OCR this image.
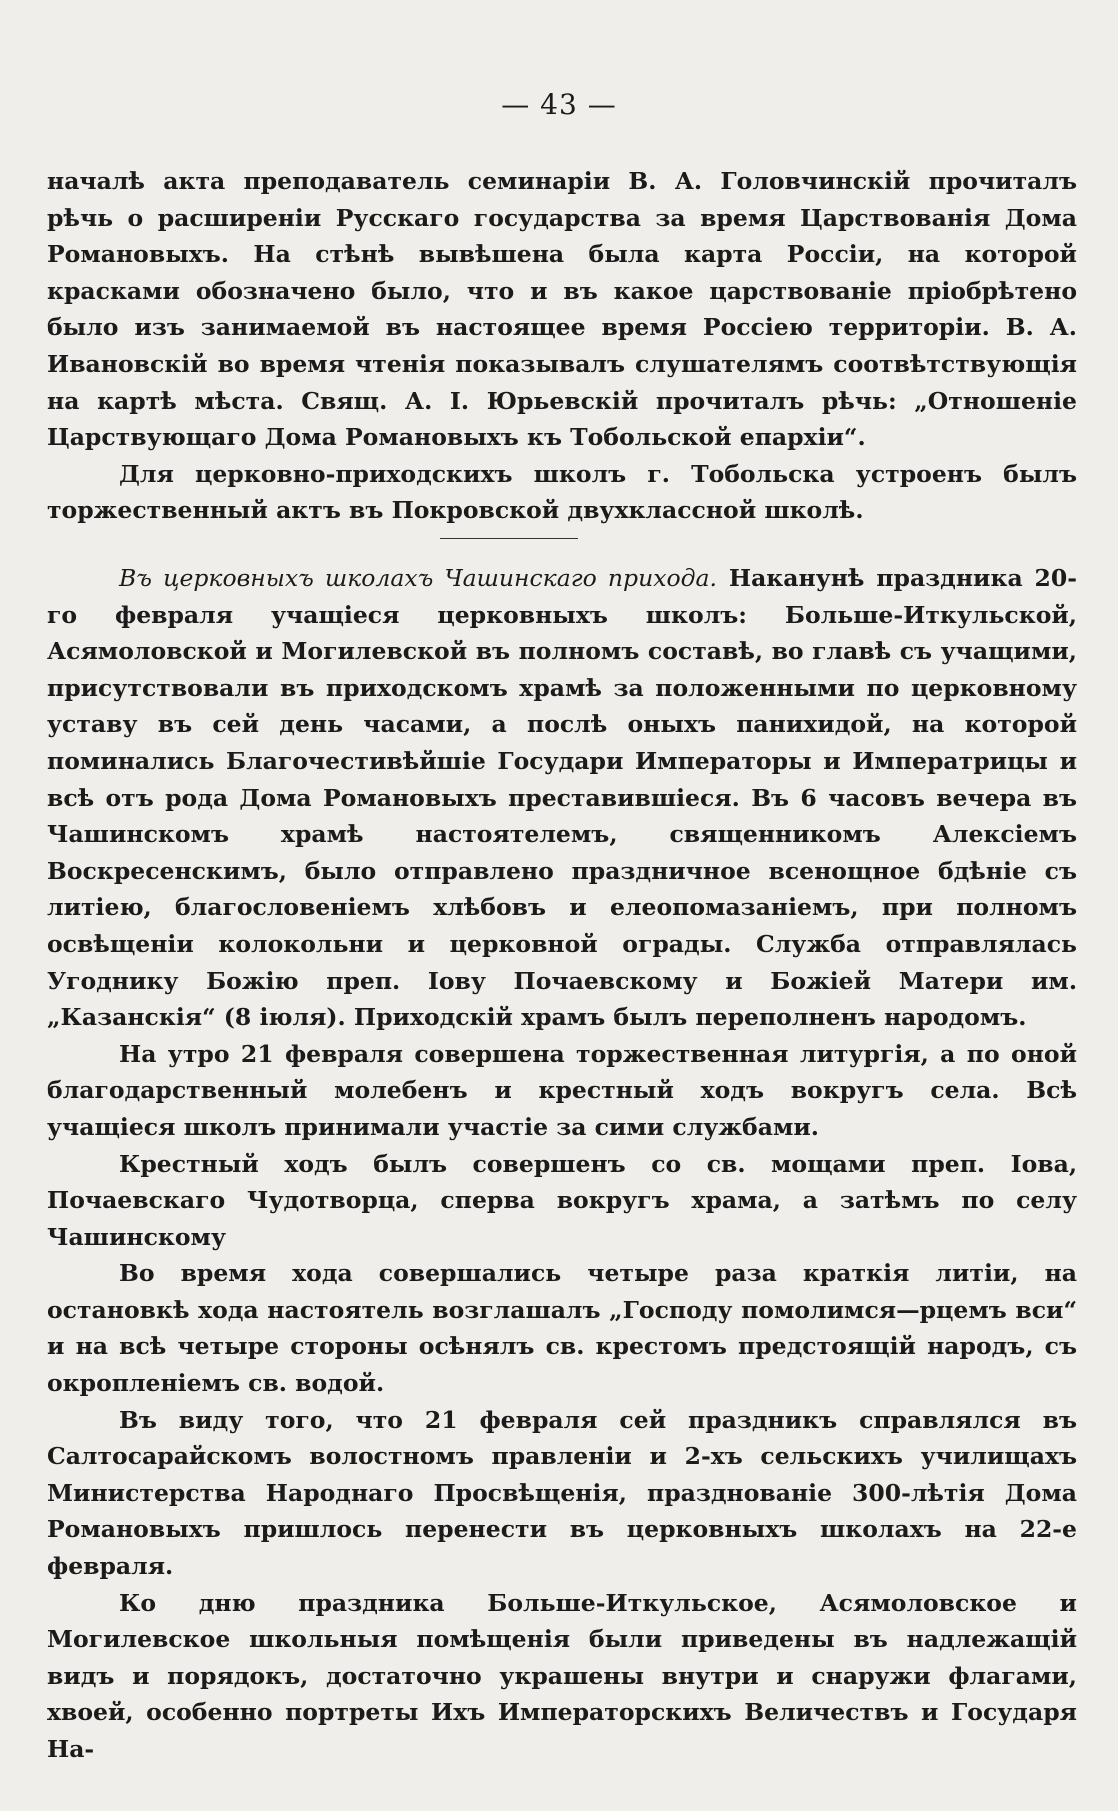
— 43 —

началѣ акта преподаватель семинаріи В. А. Головчинскій прочиталъ рѣчь о расширеніи Русскаго государства за время Царствованія Дома Романовыхъ. На стѣнѣ вывѣшена была карта Россіи, на которой красками обозначено было, что и въ какое царствованіе пріобрѣтено было изъ занимаемой въ настоящее время Россіею территоріи. В. А. Ивановскій во время чтенія показывалъ слушателямъ соотвѣтствующія на картѣ мѣста. Свящ. А. І. Юрьевскій прочиталъ рѣчь: „Отношеніе Царствующаго Дома Романовыхъ къ Тобольской епархіи“.

Для церковно-приходскихъ школъ г. Тобольска устроенъ былъ торжественный актъ въ Покровской двухклассной школѣ.

Въ церковныхъ школахъ Чашинскаго прихода. Наканунѣ праздника 20-го февраля учащіеся церковныхъ школъ: Больше-Иткульской, Асямоловской и Могилевской въ полномъ составѣ, во главѣ съ учащими, присутствовали въ приходскомъ храмѣ за положенными по церковному уставу въ сей день часами, а послѣ оныхъ панихидой, на которой поминались Благочестивѣйшіе Государи Императоры и Императрицы и всѣ отъ рода Дома Романовыхъ преставившіеся. Въ 6 часовъ вечера въ Чашинскомъ храмѣ настоятелемъ, священникомъ Алексіемъ Воскресенскимъ, было отправлено праздничное всенощное бдѣніе съ литіею, благословеніемъ хлѣбовъ и елеопомазаніемъ, при полномъ освѣщеніи колокольни и церковной ограды. Служба отправлялась Угоднику Божію преп. Іову Почаевскому и Божіей Матери им. „Казанскія“ (8 іюля). Приходскій храмъ былъ переполненъ народомъ.

На утро 21 февраля совершена торжественная литургія, а по оной благодарственный молебенъ и крестный ходъ вокругъ села. Всѣ учащіеся школъ принимали участіе за сими службами.

Крестный ходъ былъ совершенъ со св. мощами преп. Іова, Почаевскаго Чудотворца, сперва вокругъ храма, а затѣмъ по селу Чашинскому

Во время хода совершались четыре раза краткія литіи, на остановкѣ хода настоятель возглашалъ „Господу помолимся—рцемъ вси“ и на всѣ четыре стороны осѣнялъ св. крестомъ предстоящій народъ, съ окропленіемъ св. водой.

Въ виду того, что 21 февраля сей праздникъ справлялся въ Салтосарайскомъ волостномъ правленіи и 2-хъ сельскихъ училищахъ Министерства Народнаго Просвѣщенія, празднованіе 300-лѣтія Дома Романовыхъ пришлось перенести въ церковныхъ школахъ на 22-е февраля.

Ко дню праздника Больше-Иткульское, Асямоловское и Могилевское школьныя помѣщенія были приведены въ надлежащій видъ и порядокъ, достаточно украшены внутри и снаружи флагами, хвоей, особенно портреты Ихъ Императорскихъ Величествъ и Государя На-
